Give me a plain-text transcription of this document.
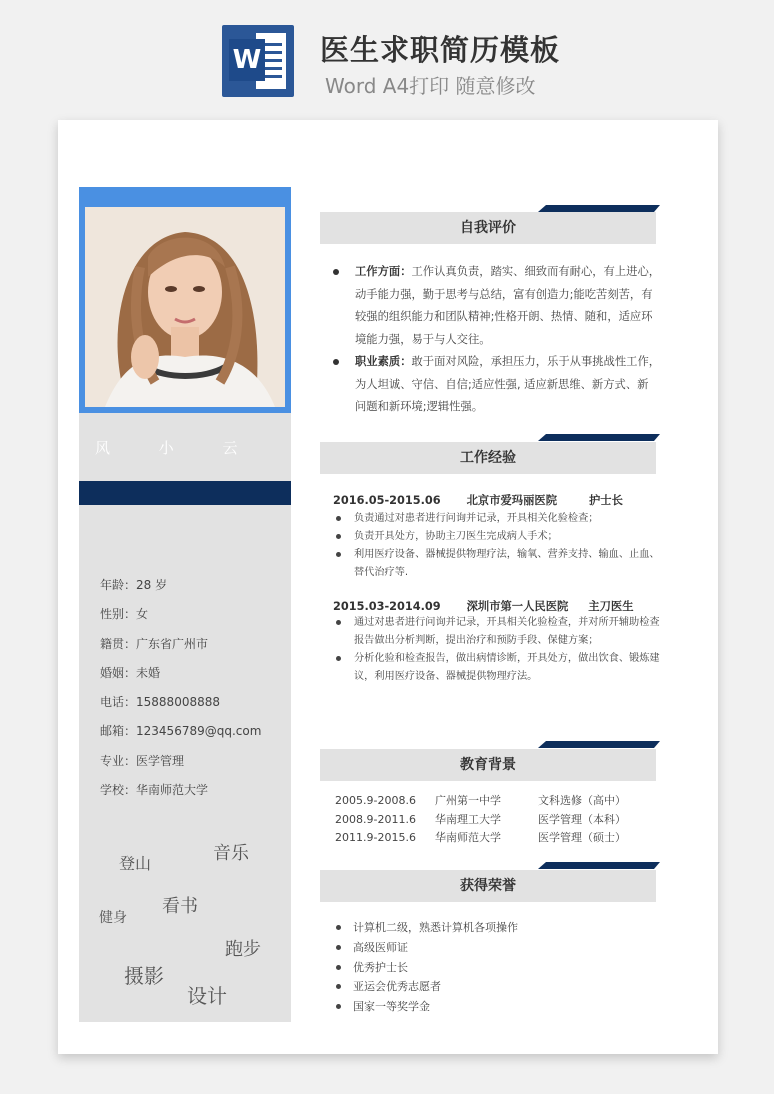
W 医生求职简历模板
Word A4打印 随意修改
风 小 云
年龄：28 岁
性别：女
籍贯：广东省广州市
婚姻：未婚
电话：15888008888
邮箱：123456789@qq.com
专业：医学管理
学校：华南师范大学
登山	音乐
健身
看书
跑步
摄影
设计
自我评价
工作方面：工作认真负责，踏实、细致而有耐心，有上进心，
动手能力强，勤于思考与总结，富有创造力;能吃苦刻苦，有
较强的组织能力和团队精神;性格开朗、热情、随和，适应环
境能力强，易于与人交往。
职业素质：敢于面对风险，承担压力，乐于从事挑战性工作，
为人坦诚、守信、自信;适应性强, 适应新思维、新方式、新
问题和新环境;逻辑性强。
工作经验
2016.05-2015.06 北京市爱玛丽医院	护士长
负责通过对患者进行问询并记录，开具相关化验检查；
负责开具处方，协助主刀医生完成病人手术；
利用医疗设备、器械提供物理疗法，输氧、营养支持、输血、止血、
替代治疗等.
2015.03-2014.09 深圳市第一人民医院 主刀医生
通过对患者进行问询并记录，开具相关化验检查，并对所开辅助检查
报告做出分析判断，提出治疗和预防手段、保健方案；
分析化验和检查报告，做出病情诊断，开具处方，做出饮食、锻炼建
议，利用医疗设备、器械提供物理疗法。
教育背景
2005.9-2008.6 广州第一中学	文科选修（高中）
2008.9-2011.6 华南理工大学	医学管理（本科）
2011.9-2015.6 华南师范大学	医学管理（硕士）
获得荣誉
计算机二级，熟悉计算机各项操作
高级医师证
优秀护士长
亚运会优秀志愿者
国家一等奖学金
